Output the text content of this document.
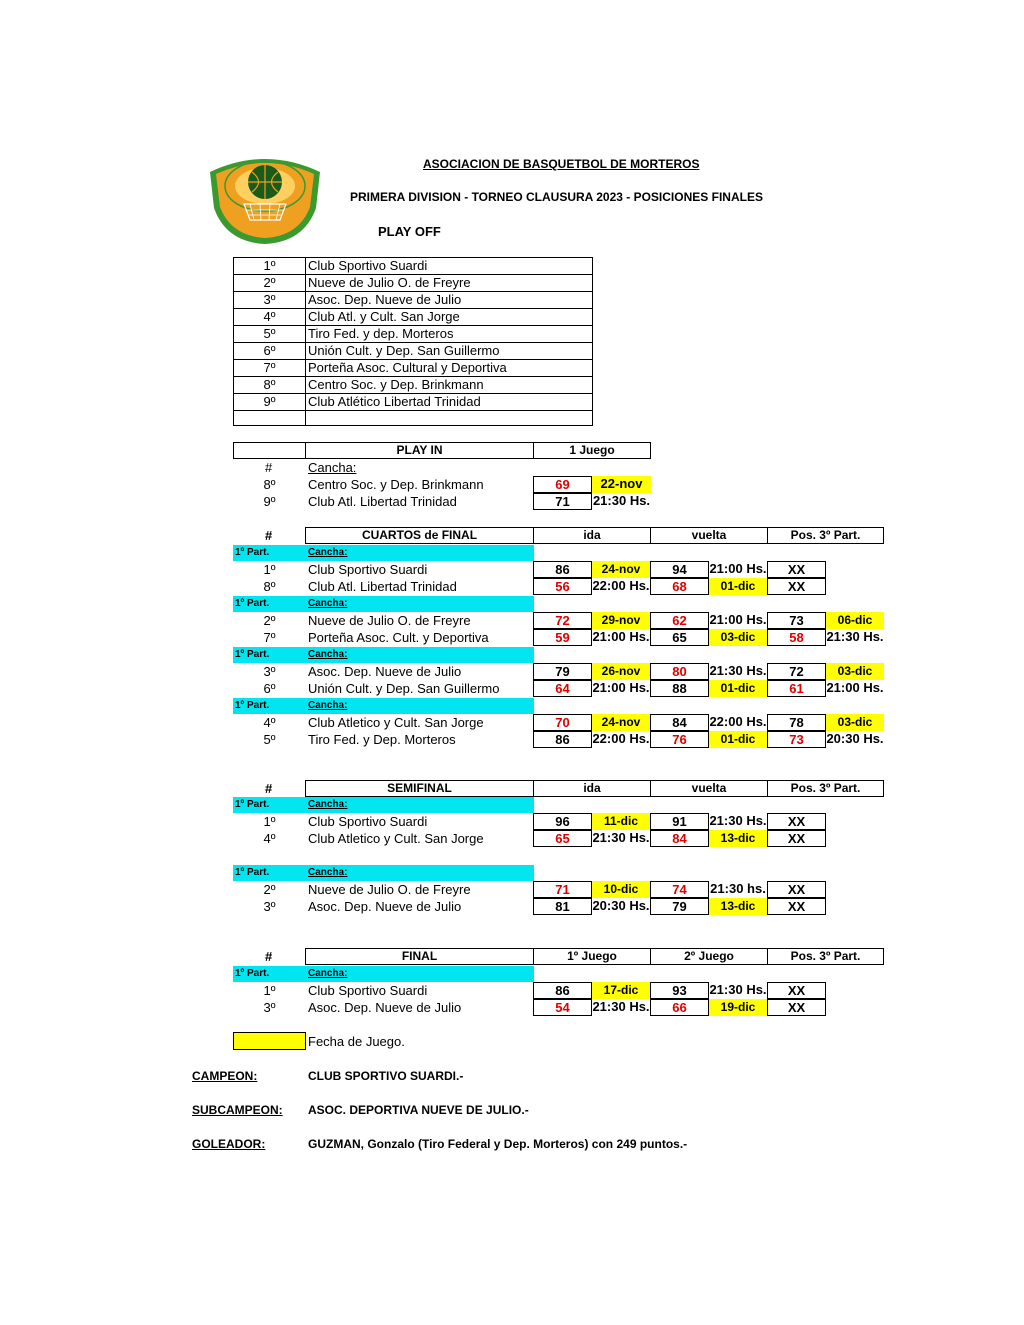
ASOCIACION DE BASQUETBOL DE MORTEROS
PRIMERA DIVISION - TORNEO CLAUSURA 2023 - POSICIONES FINALES
PLAY OFF
1º	Club Sportivo Suardi
2º	Nueve de Julio O. de Freyre
3º	Asoc. Dep. Nueve de Julio
4º	Club Atl. y Cult. San Jorge
5º	Tiro Fed. y dep. Morteros
6º	Unión Cult. y Dep. San Guillermo
7º	Porteña Asoc. Cultural y Deportiva
8º	Centro Soc. y Dep. Brinkmann
9º	Club Atlético Libertad Trinidad
PLAY IN	1 Juego
#	Cancha:
8º	Centro Soc. y Dep. Brinkmann	69	22-nov
9º	Club Atl. Libertad Trinidad	71	21:30 Hs.
#	CUARTOS de FINAL	ida	vuelta	Pos. 3º Part.
1º Part.	Cancha:
1º	Club Sportivo Suardi	86	24-nov	94	21:00 Hs.	XX
8º	Club Atl. Libertad Trinidad	56	22:00 Hs.	68	01-dic	XX
1º Part.	Cancha:
2º	Nueve de Julio O. de Freyre	72	29-nov	62	21:00 Hs.	73	06-dic
7º	Porteña Asoc. Cult. y Deportiva	59	21:00 Hs.	65	03-dic	58	21:30 Hs.
1º Part.	Cancha:
3º	Asoc. Dep. Nueve de Julio	79	26-nov	80	21:30 Hs.	72	03-dic
6º	Unión Cult. y Dep. San Guillermo	64	21:00 Hs.	88	01-dic	61	21:00 Hs.
1º Part.	Cancha:
4º	Club Atletico y Cult. San Jorge	70	24-nov	84	22:00 Hs.	78	03-dic
5º	Tiro Fed. y Dep. Morteros	86	22:00 Hs.	76	01-dic	73	20:30 Hs.
#	SEMIFINAL	ida	vuelta	Pos. 3º Part.
1º Part.	Cancha:
1º	Club Sportivo Suardi	96	11-dic	91	21:30 Hs.	XX
4º	Club Atletico y Cult. San Jorge	65	21:30 Hs.	84	13-dic	XX
1º Part.	Cancha:
2º	Nueve de Julio O. de Freyre	71	10-dic	74	21:30 hs.	XX
3º	Asoc. Dep. Nueve de Julio	81	20:30 Hs.	79	13-dic	XX
#	FINAL	1º Juego	2º Juego	Pos. 3º Part.
1º Part.	Cancha:
1º	Club Sportivo Suardi	86	17-dic	93	21:30 Hs.	XX
3º	Asoc. Dep. Nueve de Julio	54	21:30 Hs.	66	19-dic	XX
Fecha de Juego.
CAMPEON:	CLUB SPORTIVO SUARDI.-
SUBCAMPEON: ASOC. DEPORTIVA NUEVE DE JULIO.-
GOLEADOR:	GUZMAN, Gonzalo (Tiro Federal y Dep. Morteros) con 249 puntos.-
